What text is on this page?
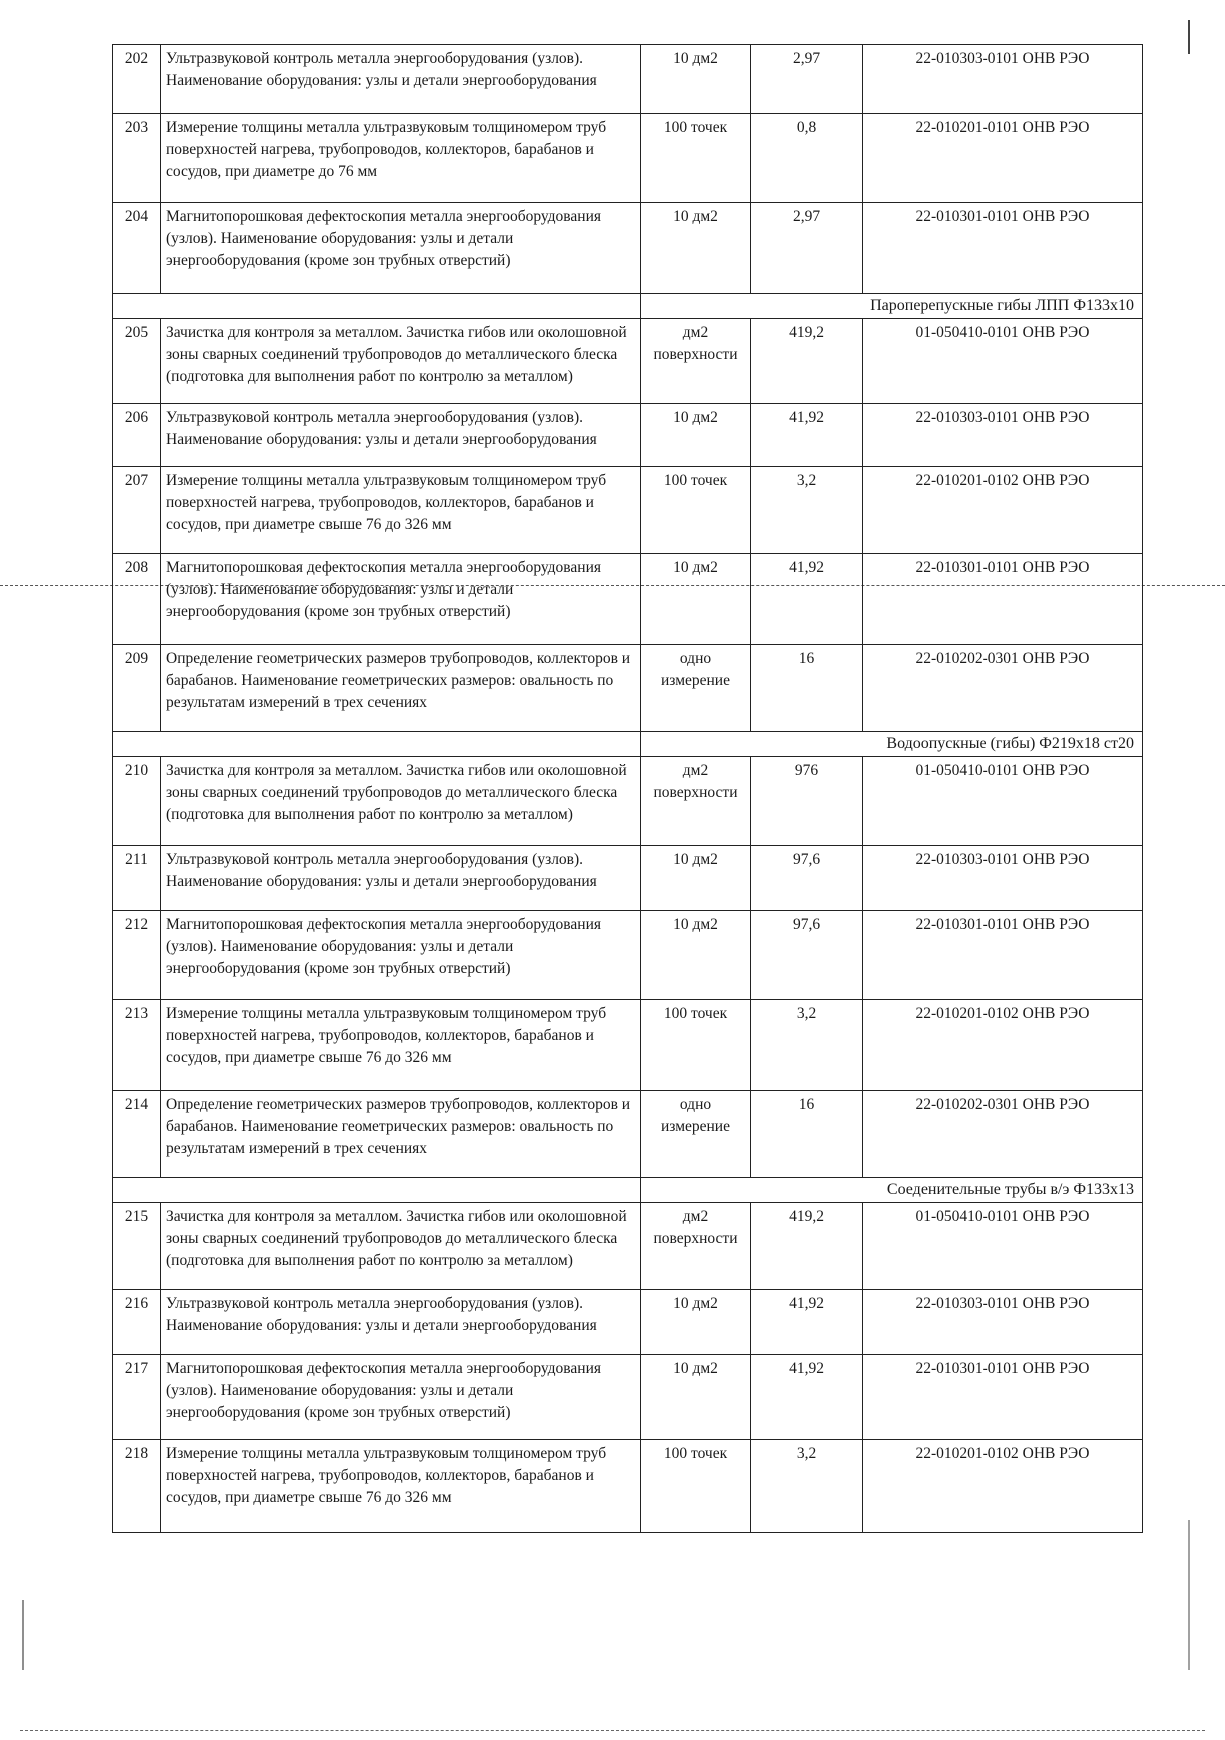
202	Ультразвуковой контроль металла энергооборудования (узлов). Наименование оборудования: узлы и детали энергооборудования	10 дм2	2,97	22-010303-0101 ОНВ РЭО
203	Измерение толщины металла ультразвуковым толщиномером труб поверхностей нагрева, трубопроводов, коллекторов, барабанов и сосудов, при диаметре до 76 мм	100 точек	0,8	22-010201-0101 ОНВ РЭО
204	Магнитопорошковая дефектоскопия металла энергооборудования (узлов). Наименование оборудования: узлы и детали энергооборудования (кроме зон трубных отверстий)	10 дм2	2,97	22-010301-0101 ОНВ РЭО
		Пароперепускные гибы ЛПП Ф133х10		
205	Зачистка для контроля за металлом. Зачистка гибов или околошовной зоны сварных соединений трубопроводов до металлического блеска (подготовка для выполнения работ по контролю за металлом)	дм2 поверхности	419,2	01-050410-0101 ОНВ РЭО
206	Ультразвуковой контроль металла энергооборудования (узлов). Наименование оборудования: узлы и детали энергооборудования	10 дм2	41,92	22-010303-0101 ОНВ РЭО
207	Измерение толщины металла ультразвуковым толщиномером труб поверхностей нагрева, трубопроводов, коллекторов, барабанов и сосудов, при диаметре свыше 76 до 326 мм	100 точек	3,2	22-010201-0102 ОНВ РЭО
208	Магнитопорошковая дефектоскопия металла энергооборудования (узлов). Наименование оборудования: узлы и детали энергооборудования (кроме зон трубных отверстий)	10 дм2	41,92	22-010301-0101 ОНВ РЭО
209	Определение геометрических размеров трубопроводов, коллекторов и барабанов. Наименование геометрических размеров: овальность по результатам измерений в трех сечениях	одно измерение	16	22-010202-0301 ОНВ РЭО
		Водоопускные (гибы) Ф219х18 ст20		
210	Зачистка для контроля за металлом. Зачистка гибов или околошовной зоны сварных соединений трубопроводов до металлического блеска (подготовка для выполнения работ по контролю за металлом)	дм2 поверхности	976	01-050410-0101 ОНВ РЭО
211	Ультразвуковой контроль металла энергооборудования (узлов). Наименование оборудования: узлы и детали энергооборудования	10 дм2	97,6	22-010303-0101 ОНВ РЭО
212	Магнитопорошковая дефектоскопия металла энергооборудования (узлов). Наименование оборудования: узлы и детали энергооборудования (кроме зон трубных отверстий)	10 дм2	97,6	22-010301-0101 ОНВ РЭО
213	Измерение толщины металла ультразвуковым толщиномером труб поверхностей нагрева, трубопроводов, коллекторов, барабанов и сосудов, при диаметре свыше 76 до 326 мм	100 точек	3,2	22-010201-0102 ОНВ РЭО
214	Определение геометрических размеров трубопроводов, коллекторов и барабанов. Наименование геометрических размеров: овальность по результатам измерений в трех сечениях	одно измерение	16	22-010202-0301 ОНВ РЭО
		Соеденительные трубы в/э Ф133х13		
215	Зачистка для контроля за металлом. Зачистка гибов или околошовной зоны сварных соединений трубопроводов до металлического блеска (подготовка для выполнения работ по контролю за металлом)	дм2 поверхности	419,2	01-050410-0101 ОНВ РЭО
216	Ультразвуковой контроль металла энергооборудования (узлов). Наименование оборудования: узлы и детали энергооборудования	10 дм2	41,92	22-010303-0101 ОНВ РЭО
217	Магнитопорошковая дефектоскопия металла энергооборудования (узлов). Наименование оборудования: узлы и детали энергооборудования (кроме зон трубных отверстий)	10 дм2	41,92	22-010301-0101 ОНВ РЭО
218	Измерение толщины металла ультразвуковым толщиномером труб поверхностей нагрева, трубопроводов, коллекторов, барабанов и сосудов, при диаметре свыше 76 до 326 мм	100 точек	3,2	22-010201-0102 ОНВ РЭО
